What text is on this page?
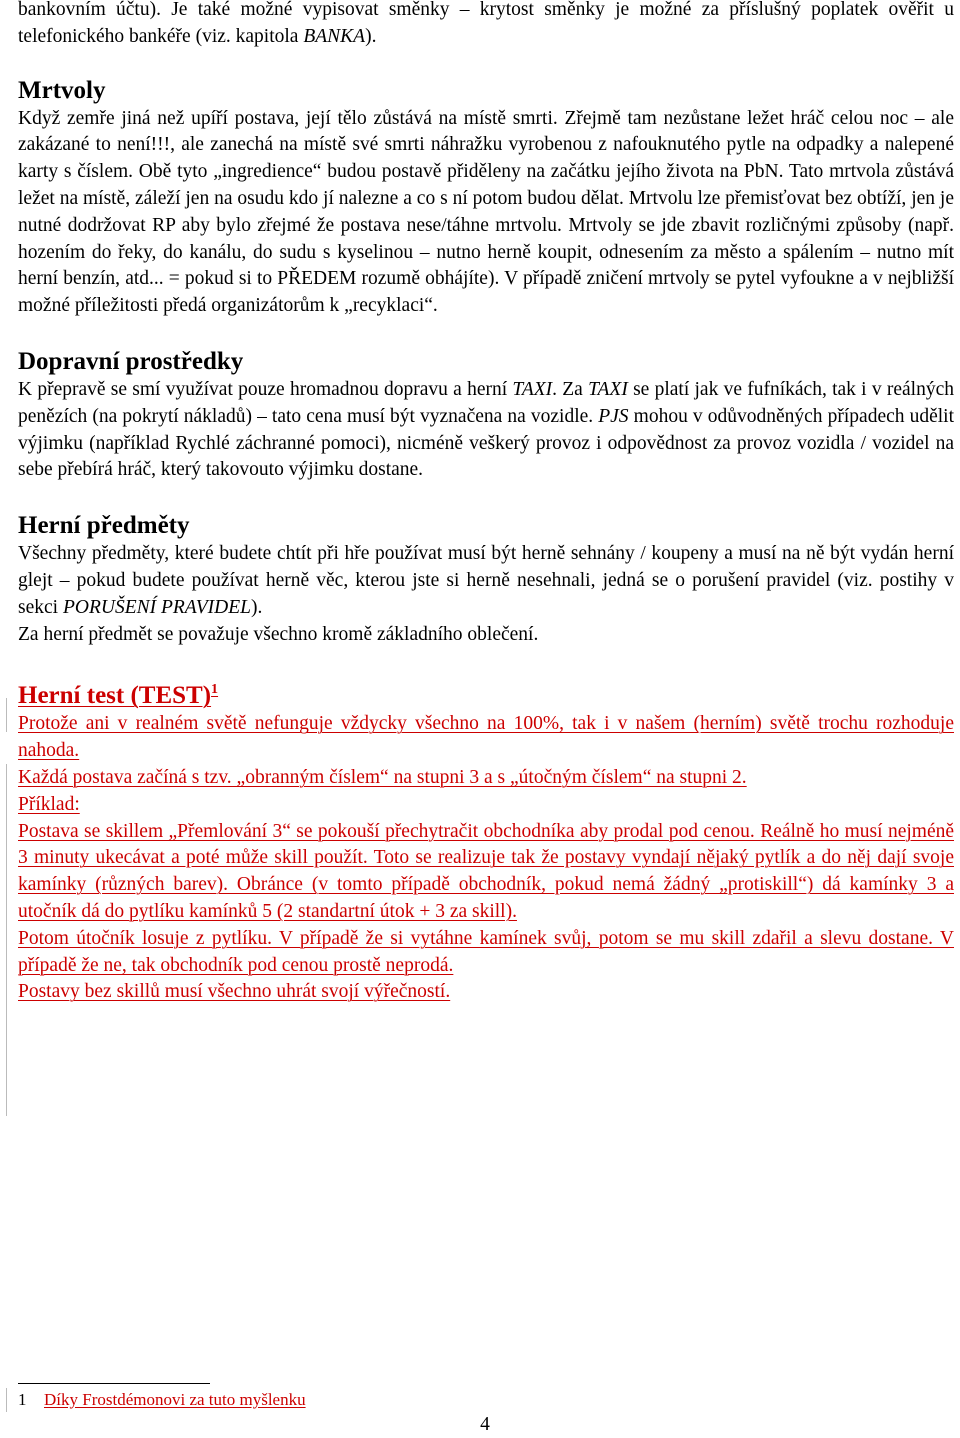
bankovním účtu). Je také možné vypisovat směnky – krytost směnky je možné za příslušný poplatek ověřit u telefonického bankéře (viz. kapitola BANKA).

Mrtvoly

Když zemře jiná než upíří postava, její tělo zůstává na místě smrti. Zřejmě tam nezůstane ležet hráč celou noc – ale zakázané to není!!!, ale zanechá na místě své smrti náhražku vyrobenou z nafouknutého pytle na odpadky a nalepené karty s číslem. Obě tyto „ingredience“ budou postavě přiděleny na začátku jejího života na PbN. Tato mrtvola zůstává ležet na místě, záleží jen na osudu kdo jí nalezne a co s ní potom budou dělat. Mrtvolu lze přemisťovat bez obtíží, jen je nutné dodržovat RP aby bylo zřejmé že postava nese/táhne mrtvolu. Mrtvoly se jde zbavit rozličnými způsoby (např. hozením do řeky, do kanálu, do sudu s kyselinou – nutno herně koupit, odnesením za město a spálením – nutno mít herní benzín, atd... = pokud si to PŘEDEM rozumě obhájíte). V případě zničení mrtvoly se pytel vyfoukne a v nejbližší možné příležitosti předá organizátorům k „recyklaci“.

Dopravní prostředky

K přepravě se smí využívat pouze hromadnou dopravu a herní TAXI. Za TAXI se platí jak ve fufníkách, tak i v reálných penězích (na pokrytí nákladů) – tato cena musí být vyznačena na vozidle. PJS mohou v odůvodněných případech udělit výjimku (například Rychlé záchranné pomoci), nicméně veškerý provoz i odpovědnost za provoz vozidla / vozidel na sebe přebírá hráč, který takovouto výjimku dostane.

Herní předměty

Všechny předměty, které budete chtít při hře používat musí být herně sehnány / koupeny a musí na ně být vydán herní glejt – pokud budete používat herně věc, kterou jste si herně nesehnali, jedná se o porušení pravidel (viz. postihy v sekci PORUŠENÍ PRAVIDEL).

Za herní předmět se považuje všechno kromě základního oblečení.

Herní test (TEST)$^1$

Protože ani v realném světě nefunguje vždycky všechno na 100%, tak i v našem (herním) světě trochu rozhoduje nahoda.

Každá postava začíná s tzv. „obranným číslem“ na stupni 3 a s „útočným číslem“ na stupni 2.

Příklad:

Postava se skillem „Přemlování 3“ se pokouší přechytračit obchodníka aby prodal pod cenou. Reálně ho musí nejméně 3 minuty ukecávat a poté může skill použít. Toto se realizuje tak že postavy vyndají nějaký pytlík a do něj dají svoje kamínky (různých barev). Obránce (v tomto případě obchodník, pokud nemá žádný „protiskill“) dá kamínky 3 a utočník dá do pytlíku kamínků 5 (2 standartní útok + 3 za skill).

Potom útočník losuje z pytlíku. V případě že si vytáhne kamínek svůj, potom se mu skill zdařil a slevu dostane. V případě že ne, tak obchodník pod cenou prostě neprodá.

Postavy bez skillů musí všechno uhrát svojí výřečností.

1 Díky Frostdémonovi za tuto myšlenku
4
